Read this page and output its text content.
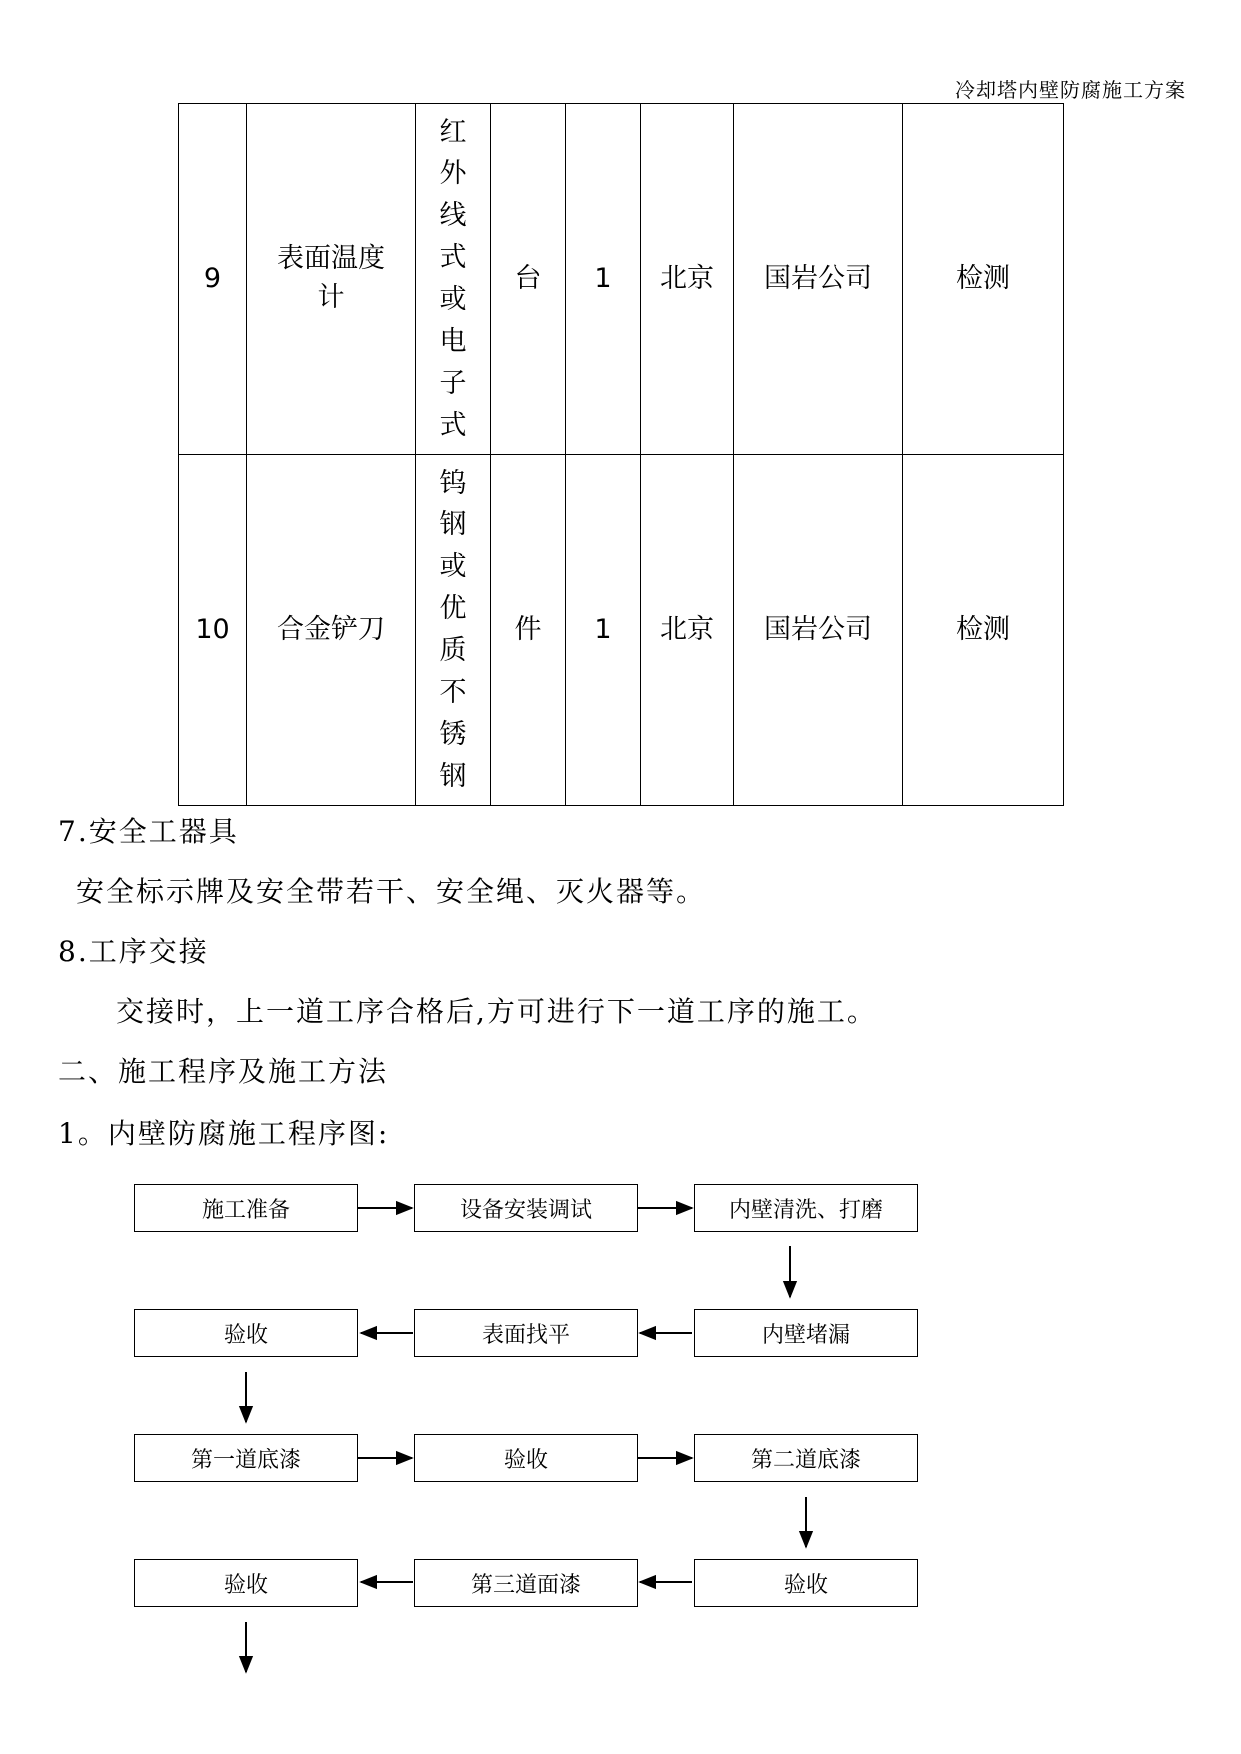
冷却塔内壁防腐施工方案
9	表面温度计	红外线式或电子式	台	1	北京	国岩公司	检测
10	合金铲刀	钨钢或优质不锈钢	件	1	北京	国岩公司	检测
7.安全工器具
安全标示牌及安全带若干、安全绳、灭火器等。
8.工序交接
交接时，上一道工序合格后,方可进行下一道工序的施工。
二、施工程序及施工方法
1。内壁防腐施工程序图:
施工准备	设备安装调试	内壁清洗、打磨
内壁堵漏
表面找平
验收
第一道底漆	验收	第二道底漆
验收
第三道面漆
验收
